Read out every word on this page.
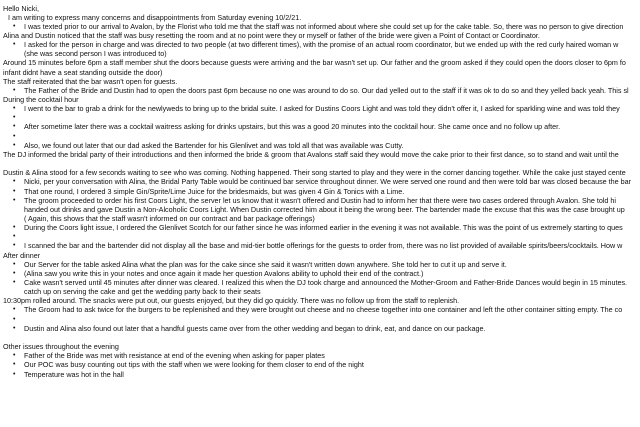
Hello Nicki,
I am writing to express many concerns and disappointments from Saturday evening 10/2/21.
• I was texted prior to our arrival to Avalon, by the Florist who told me that the staff was not informed about where she could set up for the cake table. So, there was no person to give direction
Alina and Dustin noticed that the staff was busy resetting the room and at no point were they or myself or father of the bride were given a Point of Contact or Coordinator.
• I asked for the person in charge and was directed to two people (at two different times), with the promise of an actual room coordinator, but we ended up with the red curly haired woman w
(she was second person I was introduced to)
Around 15 minutes before 6pm a staff member shut the doors because guests were arriving and the bar wasn't set up. Our father and the groom asked if they could open the doors closer to 6pm fo
infant didnt have a seat standing outside the door)
The staff reiterated that the bar wasn't open for guests.
• The Father of the Bride and Dustin had to open the doors past 6pm because no one was around to do so. Our dad yelled out to the staff if it was ok to do so and they yelled back yeah. This sl
During the cocktail hour
• I went to the bar to grab a drink for the newlyweds to bring up to the bridal suite. I asked for Dustins Coors Light and was told they didn't offer it, I asked for sparkling wine and was told they
•
• After sometime later there was a cocktail waitress asking for drinks upstairs, but this was a good 20 minutes into the cocktail hour. She came once and no follow up after.
•
• Also, we found out later that our dad asked the Bartender for his Glenlivet and was told all that was available was Cutty.
The DJ informed the bridal party of their introductions and then informed the bride & groom that Avalons staff said they would move the cake prior to their first dance, so to stand and wait until the
Dustin & Alina stood for a few seconds waiting to see who was coming. Nothing happened. Their song started to play and they were in the corner dancing together. While the cake just stayed cente
• Nicki, per your conversation with Alina, the Bridal Party Table would be continued bar service throughout dinner. We were served one round and then were told bar was closed because the bar
• That one round, I ordered 3 simple Gin/Sprite/Lime Juice for the bridesmaids, but was given 4 Gin & Tonics with a Lime.
• The groom proceeded to order his first Coors Light, the server let us know that it wasn't offered and Dustin had to inform her that there were two cases ordered through Avalon. She told hi
handed out drinks and gave Dustin a Non-Alcoholic Coors Light. When Dustin corrected him about it being the wrong beer. The bartender made the excuse that this was the case brought up
( Again, this shows that the staff wasn't informed on our contract and bar package offerings)
• During the Coors light issue, I ordered the Glenlivet Scotch for our father since he was informed earlier in the evening it was not available. This was the point of us extremely starting to ques
•
• I scanned the bar and the bartender did not display all the base and mid-tier bottle offerings for the guests to order from, there was no list provided of available spirits/beers/cocktails. How w
After dinner
• Our Server for the table asked Alina what the plan was for the cake since she said it wasn't written down anywhere. She told her to cut it up and serve it.
• (Alina saw you write this in your notes and once again it made her question Avalons ability to uphold their end of the contract.)
• Cake wasn't served until 45 minutes after dinner was cleared. I realized this when the DJ took charge and announced the Mother-Groom and Father-Bride Dances would begin in 15 minutes.
catch up on serving the cake and get the wedding party back to their seats
10:30pm rolled around. The snacks were put out, our guests enjoyed, but they did go quickly. There was no follow up from the staff to replenish.
• The Groom had to ask twice for the burgers to be replenished and they were brought out cheese and no cheese together into one container and left the other container sitting empty. The co
•
• Dustin and Alina also found out later that a handful guests came over from the other wedding and began to drink, eat, and dance on our package.
Other issues throughout the evening
• Father of the Bride was met with resistance at end of the evening when asking for paper plates
• Our POC was busy counting out tips with the staff when we were looking for them closer to end of the night
• Temperature was hot in the hall
